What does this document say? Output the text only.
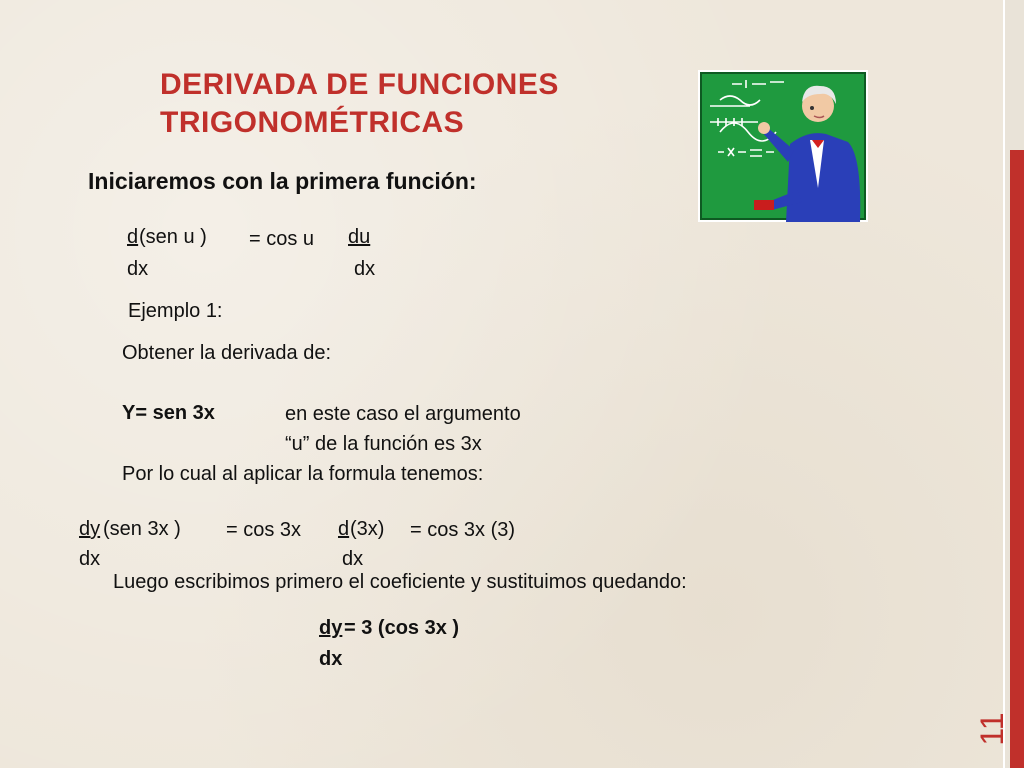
11
DERIVADA DE FUNCIONES
TRIGONOMÉTRICAS
Iniciaremos con la primera función:
d (sen u ) = cos u du
dx	dx
Ejemplo 1:
Obtener la derivada de:
Y= sen 3x	en este caso el argumento
“u” de la función es 3x
Por lo cual al aplicar la formula tenemos:
dy (sen 3x ) = cos 3x d (3x) = cos 3x (3)
dx	dx
Luego escribimos primero el coeficiente y sustituimos quedando:
dy = 3 (cos 3x )
dx
